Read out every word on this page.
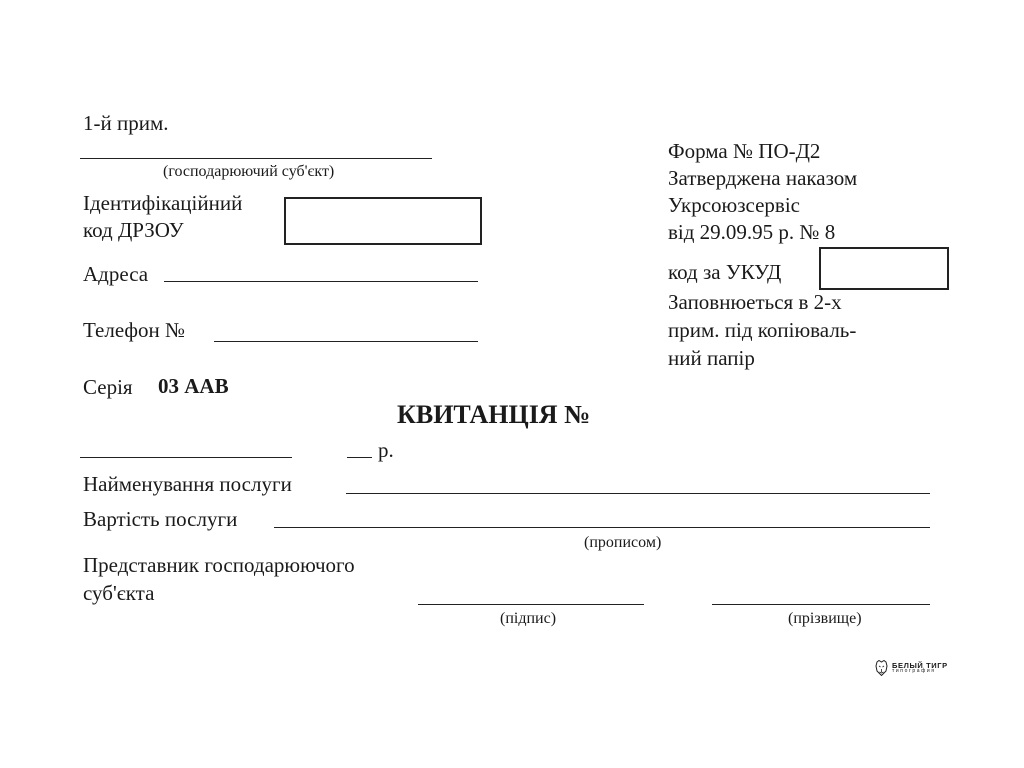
1-й прим.
(господарюючий суб'єкт)
Ідентифікаційний
код ДРЗОУ
Адреса
Телефон №
Серія 03 ААВ
Форма № ПО-Д2
Затверджена наказом
Укрсоюзсервіс
від 29.09.95 р. № 8
код за УКУД
Заповнюеться в 2-х
прим. під копіюваль-
ний папір
КВИТАНЦІЯ №
р.
Найменування послуги
Вартість послуги
(прописом)
Представник господарюючого
суб'єкта
(підпис)	(прізвище)
БЕЛЫЙ ТИГР
типография
